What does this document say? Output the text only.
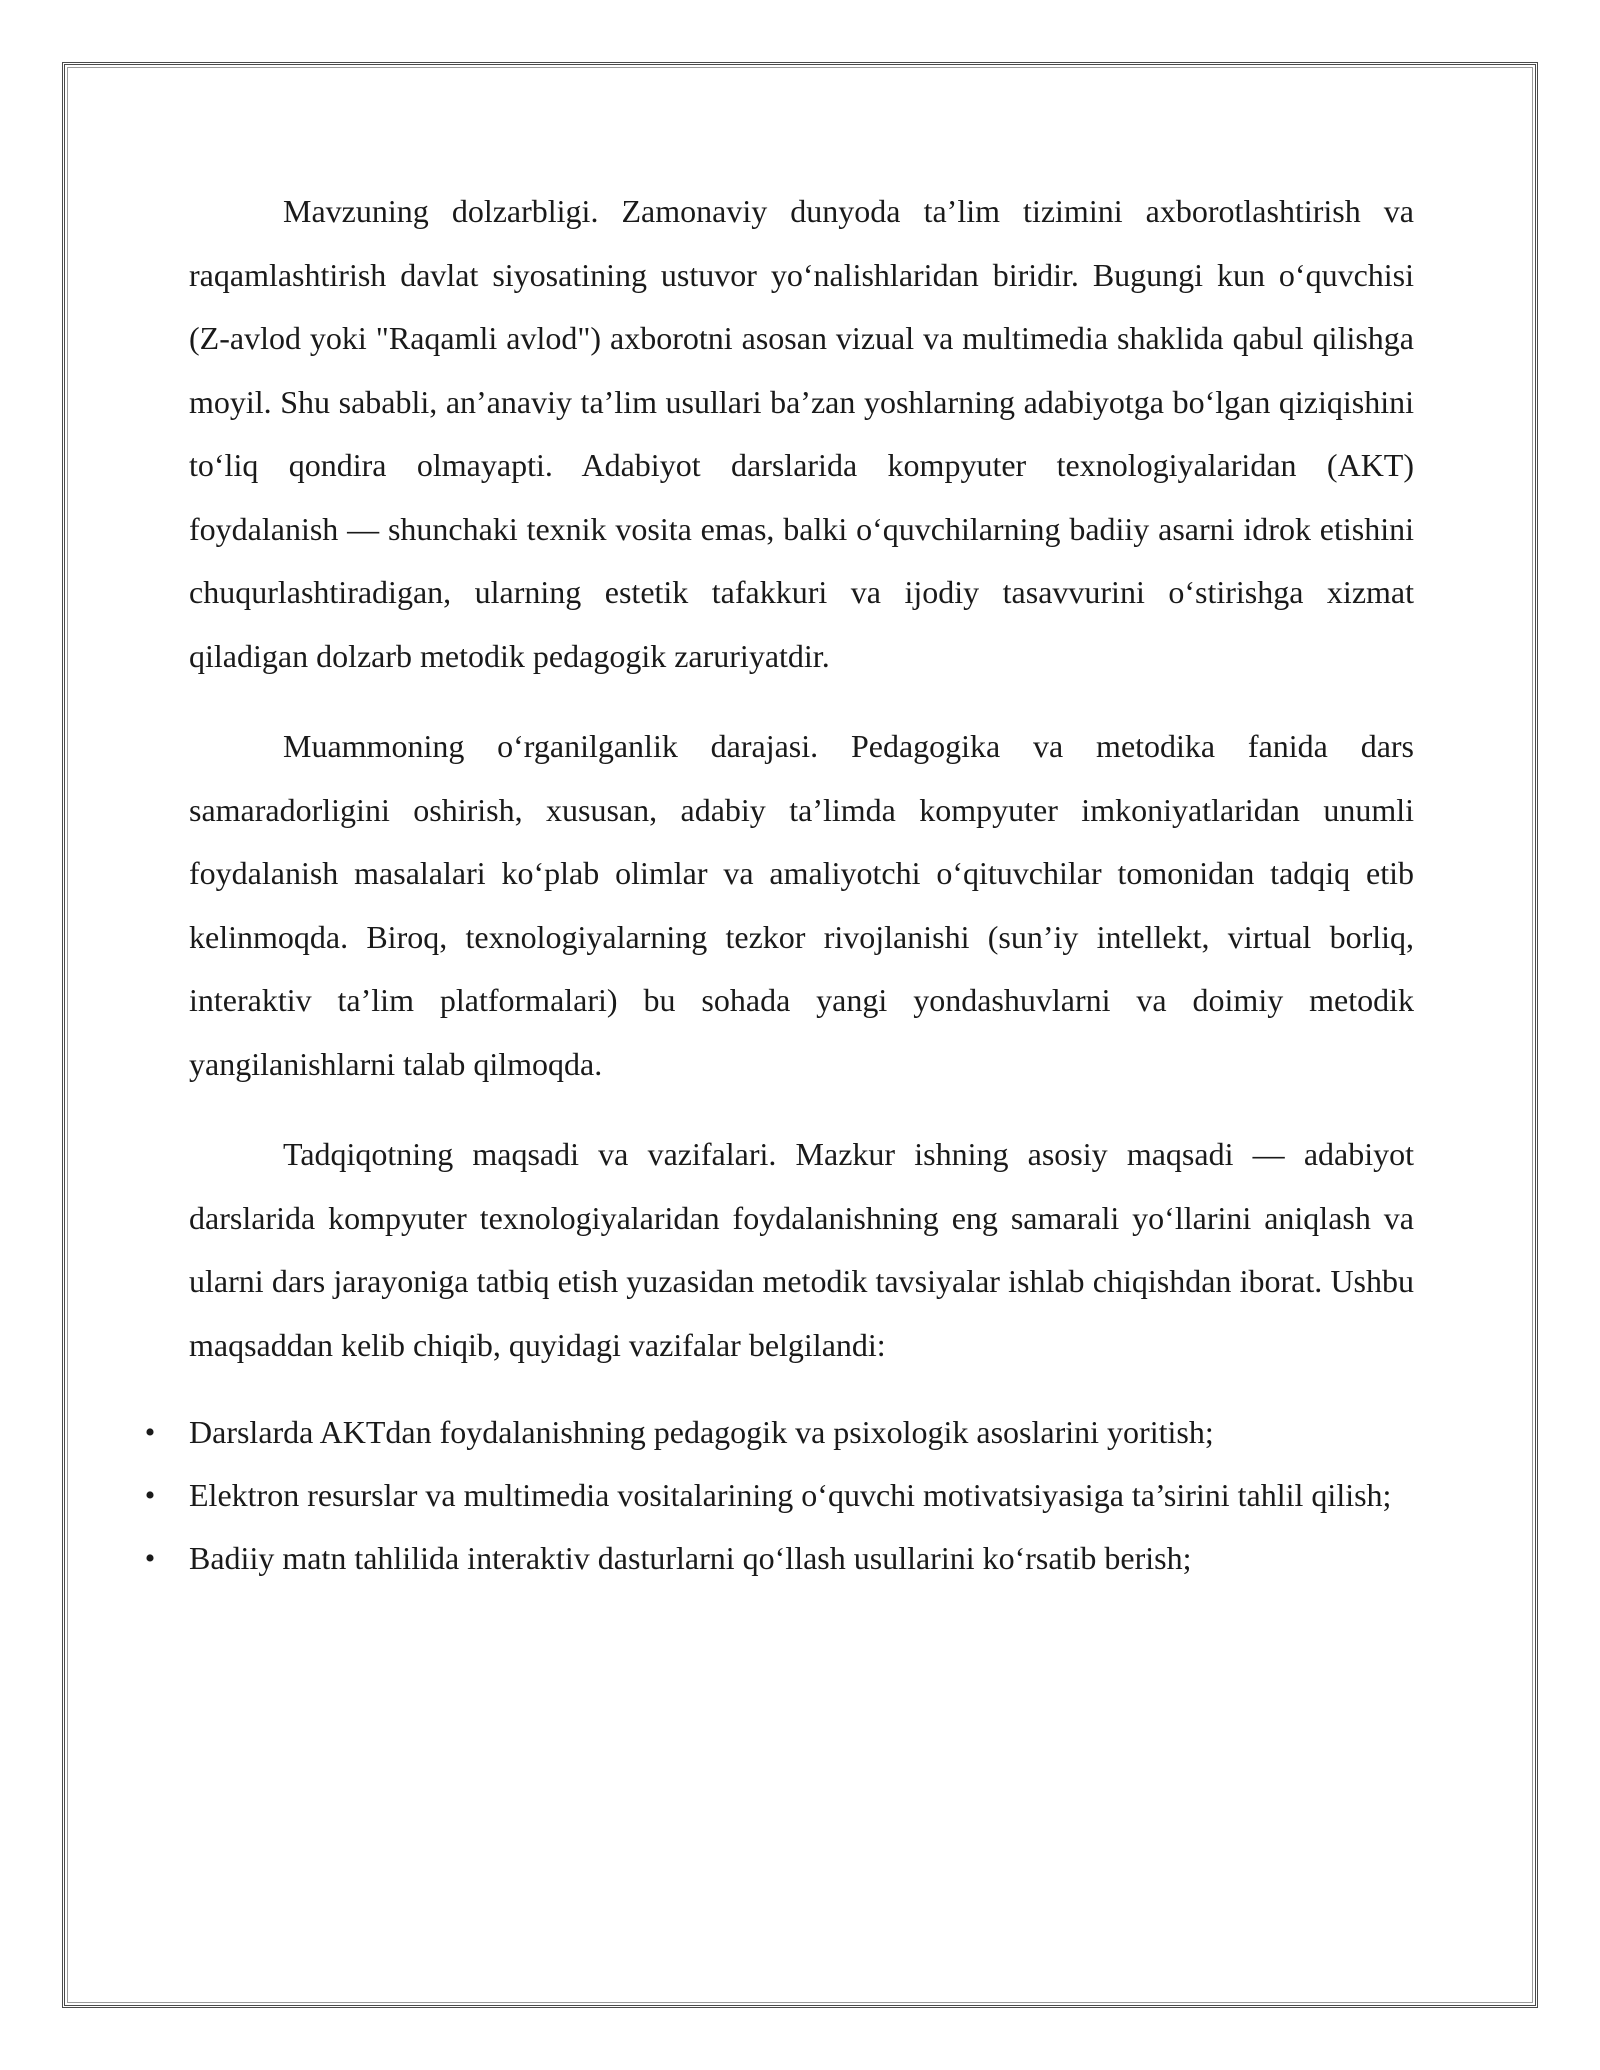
Mavzuning dolzarbligi. Zamonaviy dunyoda ta’lim tizimini axborotlashtirish va raqamlashtirish davlat siyosatining ustuvor yo‘nalishlaridan biridir. Bugungi kun o‘quvchisi (Z-avlod yoki "Raqamli avlod") axborotni asosan vizual va multimedia shaklida qabul qilishga moyil. Shu sababli, an’anaviy ta’lim usullari ba’zan yoshlarning adabiyotga bo‘lgan qiziqishini to‘liq qondira olmayapti. Adabiyot darslarida kompyuter texnologiyalaridan (AKT) foydalanish — shunchaki texnik vosita emas, balki o‘quvchilarning badiiy asarni idrok etishini chuqurlashtiradigan, ularning estetik tafakkuri va ijodiy tasavvurini o‘stirishga xizmat qiladigan dolzarb metodik pedagogik zaruriyatdir.

Muammoning o‘rganilganlik darajasi. Pedagogika va metodika fanida dars samaradorligini oshirish, xususan, adabiy ta’limda kompyuter imkoniyatlaridan unumli foydalanish masalalari ko‘plab olimlar va amaliyotchi o‘qituvchilar tomonidan tadqiq etib kelinmoqda. Biroq, texnologiyalarning tezkor rivojlanishi (sun’iy intellekt, virtual borliq, interaktiv ta’lim platformalari) bu sohada yangi yondashuvlarni va doimiy metodik yangilanishlarni talab qilmoqda.

Tadqiqotning maqsadi va vazifalari. Mazkur ishning asosiy maqsadi — adabiyot darslarida kompyuter texnologiyalaridan foydalanishning eng samarali yo‘llarini aniqlash va ularni dars jarayoniga tatbiq etish yuzasidan metodik tavsiyalar ishlab chiqishdan iborat. Ushbu maqsaddan kelib chiqib, quyidagi vazifalar belgilandi:

• Darslarda AKTdan foydalanishning pedagogik va psixologik asoslarini yoritish;
• Elektron resurslar va multimedia vositalarining o‘quvchi motivatsiyasiga ta’sirini tahlil qilish;
• Badiiy matn tahlilida interaktiv dasturlarni qo‘llash usullarini ko‘rsatib berish;
